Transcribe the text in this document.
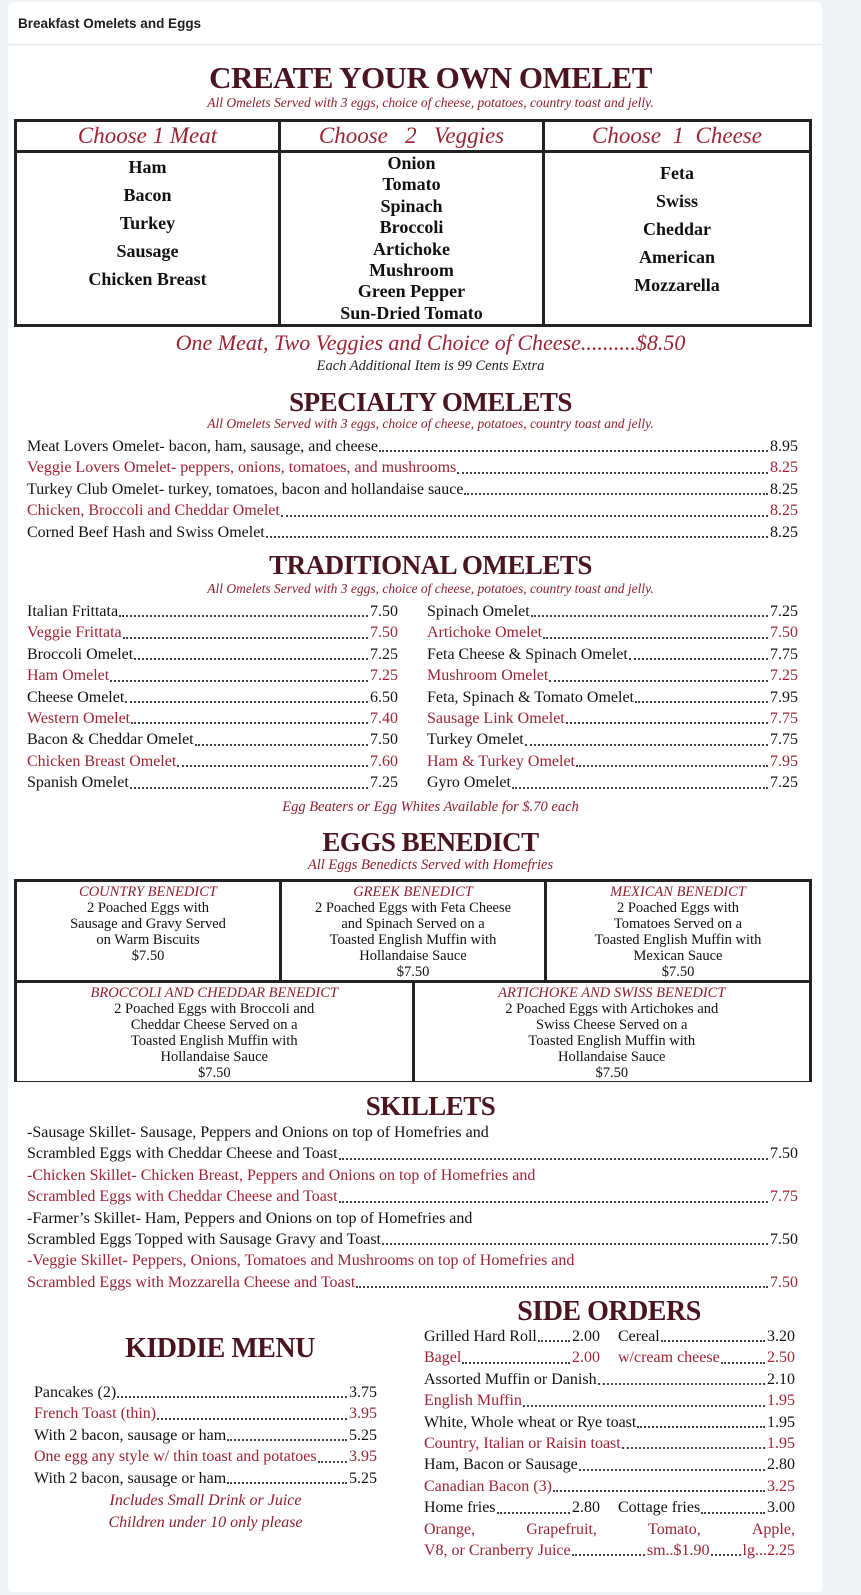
Breakfast Omelets and Eggs
CREATE YOUR OWN OMELET
All Omelets Served with 3 eggs, choice of cheese, potatoes, country toast and jelly.
Choose 1 Meat
Ham
Bacon
Turkey
Sausage
Chicken Breast
Choose   2   Veggies
Onion
Tomato
Spinach
Broccoli
Artichoke
Mushroom
Green Pepper
Sun-Dried Tomato
Choose  1  Cheese
Feta
Swiss
Cheddar
American
Mozzarella
One Meat, Two Veggies and Choice of Cheese..........$8.50
Each Additional Item is 99 Cents Extra
SPECIALTY OMELETS
All Omelets Served with 3 eggs, choice of cheese, potatoes, country toast and jelly.
Meat Lovers Omelet- bacon, ham, sausage, and cheese	8.95
Veggie Lovers Omelet- peppers, onions, tomatoes, and mushrooms	8.25
Turkey Club Omelet- turkey, tomatoes, bacon and hollandaise sauce	8.25
Chicken, Broccoli and Cheddar Omelet	8.25
Corned Beef Hash and Swiss Omelet	8.25
TRADITIONAL OMELETS
All Omelets Served with 3 eggs, choice of cheese, potatoes, country toast and jelly.
Italian Frittata	7.50
Veggie Frittata	7.50
Broccoli Omelet	7.25
Ham Omelet	7.25
Cheese Omelet	6.50
Western Omelet	7.40
Bacon & Cheddar Omelet	7.50
Chicken Breast Omelet	7.60
Spanish Omelet	7.25
Spinach Omelet	7.25
Artichoke Omelet	7.50
Feta Cheese & Spinach Omelet	7.75
Mushroom Omelet	7.25
Feta, Spinach & Tomato Omelet	7.95
Sausage Link Omelet	7.75
Turkey Omelet	7.75
Ham & Turkey Omelet	7.95
Gyro Omelet	7.25
Egg Beaters or Egg Whites Available for $.70 each
EGGS BENEDICT
All Eggs Benedicts Served with Homefries
COUNTRY BENEDICT
2 Poached Eggs with
Sausage and Gravy Served
on Warm Biscuits
$7.50
GREEK BENEDICT
2 Poached Eggs with Feta Cheese
and Spinach Served on a
Toasted English Muffin with
Hollandaise Sauce
$7.50
MEXICAN BENEDICT
2 Poached Eggs with
Tomatoes Served on a
Toasted English Muffin with
Mexican Sauce
$7.50
BROCCOLI AND CHEDDAR BENEDICT
2 Poached Eggs with Broccoli and
Cheddar Cheese Served on a
Toasted English Muffin with
Hollandaise Sauce
$7.50
ARTICHOKE AND SWISS BENEDICT
2 Poached Eggs with Artichokes and
Swiss Cheese Served on a
Toasted English Muffin with
Hollandaise Sauce
$7.50
SKILLETS
-Sausage Skillet- Sausage, Peppers and Onions on top of Homefries and
Scrambled Eggs with Cheddar Cheese and Toast	7.50
-Chicken Skillet- Chicken Breast, Peppers and Onions on top of Homefries and
Scrambled Eggs with Cheddar Cheese and Toast	7.75
-Farmer’s Skillet- Ham, Peppers and Onions on top of Homefries and
Scrambled Eggs Topped with Sausage Gravy and Toast	7.50
-Veggie Skillet- Peppers, Onions, Tomatoes and Mushrooms on top of Homefries and
Scrambled Eggs with Mozzarella Cheese and Toast	7.50
KIDDIE MENU
Pancakes (2)	3.75
French Toast (thin)	3.95
With 2 bacon, sausage or ham	5.25
One egg any style w/ thin toast and potatoes 3.95
With 2 bacon, sausage or ham	5.25
Includes Small Drink or Juice
Children under 10 only please
SIDE ORDERS
Grilled Hard Roll 2.00 Cereal	3.20
Bagel	2.00 w/cream cheese	2.50
Assorted Muffin or Danish	2.10
English Muffin	1.95
White, Whole wheat or Rye toast	1.95
Country, Italian or Raisin toast	1.95
Ham, Bacon or Sausage	2.80
Canadian Bacon (3)	3.25
Home fries	2.80 Cottage fries	3.00
Orange,	Grapefruit,	Tomato,	Apple,
V8, or Cranberry Juice	sm..$1.90 lg...2.25
